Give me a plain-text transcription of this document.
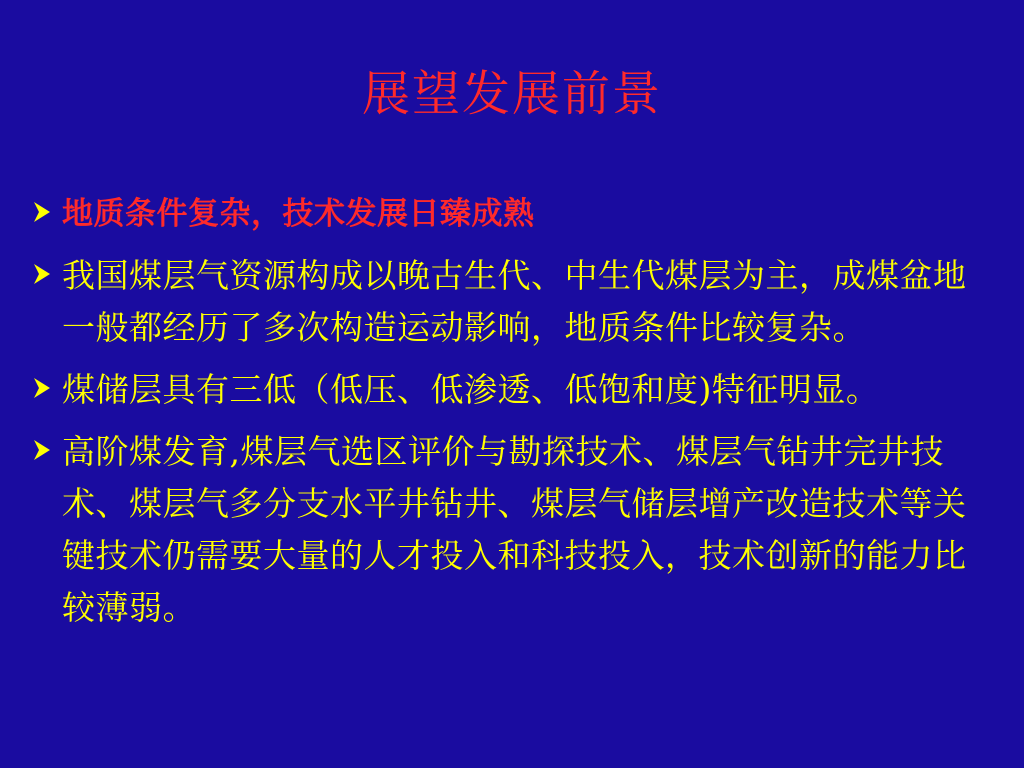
展望发展前景
地质条件复杂，技术发展日臻成熟
我国煤层气资源构成以晚古生代、中生代煤层为主，成煤盆地一般都经历了多次构造运动影响，地质条件比较复杂。
煤储层具有三低（低压、低渗透、低饱和度)特征明显。
高阶煤发育,煤层气选区评价与勘探技术、煤层气钻井完井技术、煤层气多分支水平井钻井、煤层气储层增产改造技术等关键技术仍需要大量的人才投入和科技投入，技术创新的能力比较薄弱。
